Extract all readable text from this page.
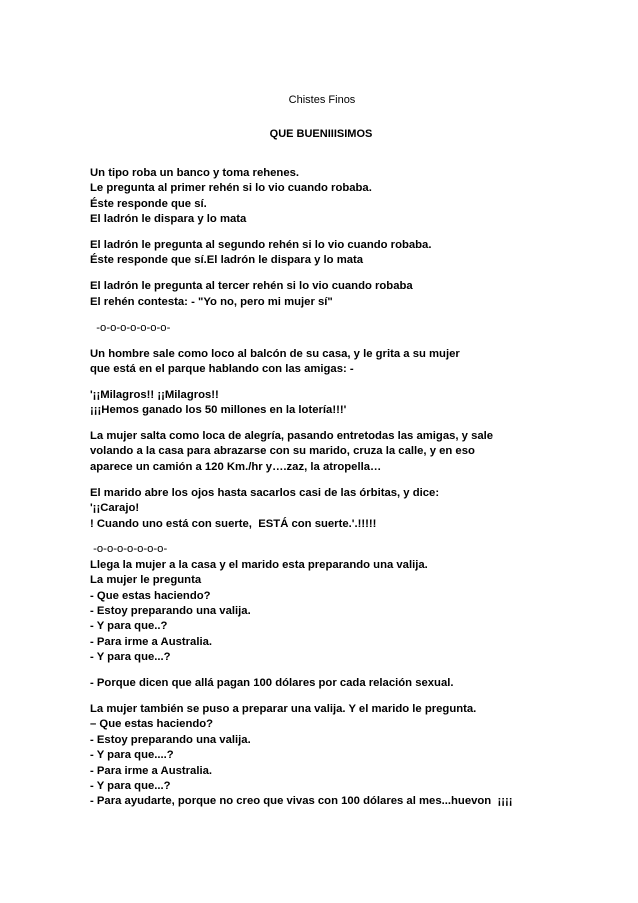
Chistes Finos
QUE BUENIIISIMOS
Un tipo roba un banco y toma rehenes.
Le pregunta al primer rehén si lo vio cuando robaba.
Éste responde que sí.
El ladrón le dispara y lo mata
El ladrón le pregunta al segundo rehén si lo vio cuando robaba.
Éste responde que sí.El ladrón le dispara y lo mata
El ladrón le pregunta al tercer rehén si lo vio cuando robaba
El rehén contesta: - "Yo no, pero mi mujer sí"
-o-o-o-o-o-o-o-
Un hombre sale como loco al balcón de su casa, y le grita a su mujer
que está en el parque hablando con las amigas: -
'¡¡Milagros!! ¡¡Milagros!!
¡¡¡Hemos ganado los 50 millones en la lotería!!!'
La mujer salta como loca de alegría, pasando entretodas las amigas, y sale
volando a la casa para abrazarse con su marido, cruza la calle, y en eso
aparece un camión a 120 Km./hr y….zaz, la atropella…
El marido abre los ojos hasta sacarlos casi de las órbitas, y dice:
'¡¡Carajo!
! Cuando uno está con suerte,  ESTÁ con suerte.'.!!!!!
-o-o-o-o-o-o-o-
Llega la mujer a la casa y el marido esta preparando una valija.
La mujer le pregunta
- Que estas haciendo?
- Estoy preparando una valija.
- Y para que..?
- Para irme a Australia.
- Y para que...?
- Porque dicen que allá pagan 100 dólares por cada relación sexual.
La mujer también se puso a preparar una valija. Y el marido le pregunta.
– Que estas haciendo?
- Estoy preparando una valija.
- Y para que....?
- Para irme a Australia.
- Y para que...?
- Para ayudarte, porque no creo que vivas con 100 dólares al mes...huevon  ¡¡¡¡
